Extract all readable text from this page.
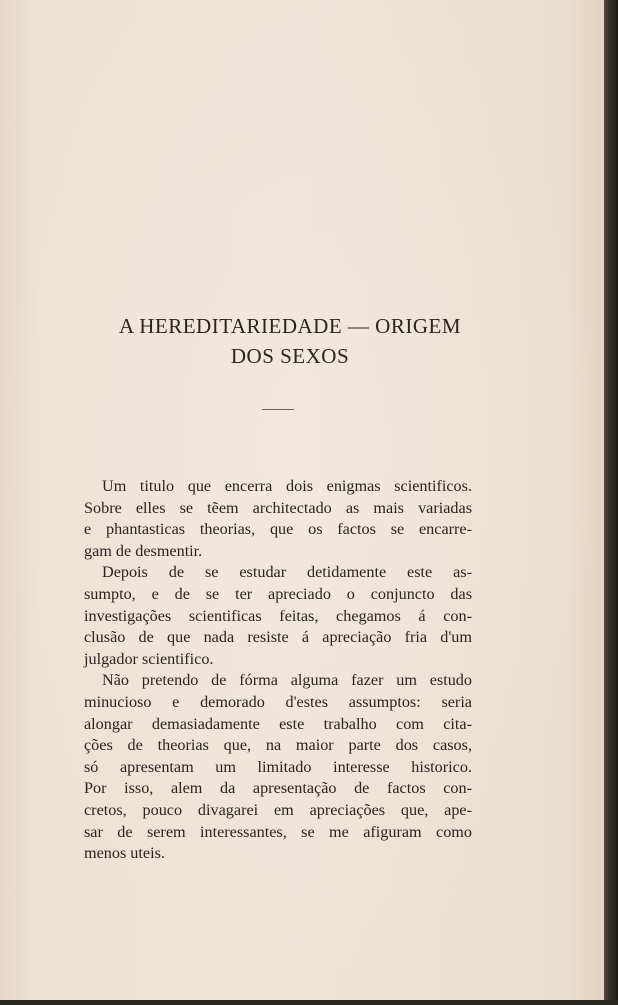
A HEREDITARIEDADE — ORIGEM
DOS SEXOS
Um titulo que encerra dois enigmas scientificos.
Sobre elles se tẽem architectado as mais variadas
e phantasticas theorias, que os factos se encarre-
gam de desmentir.
Depois de se estudar detidamente este as-
sumpto, e de se ter apreciado o conjuncto das
investigações scientificas feitas, chegamos á con-
clusão de que nada resiste á apreciação fria d'um
julgador scientifico.
Não pretendo de fórma alguma fazer um estudo
minucioso e demorado d'estes assumptos: seria
alongar demasiadamente este trabalho com cita-
ções de theorias que, na maior parte dos casos,
só apresentam um limitado interesse historico.
Por isso, alem da apresentação de factos con-
cretos, pouco divagarei em apreciações que, ape-
sar de serem interessantes, se me afiguram como
menos uteis.
